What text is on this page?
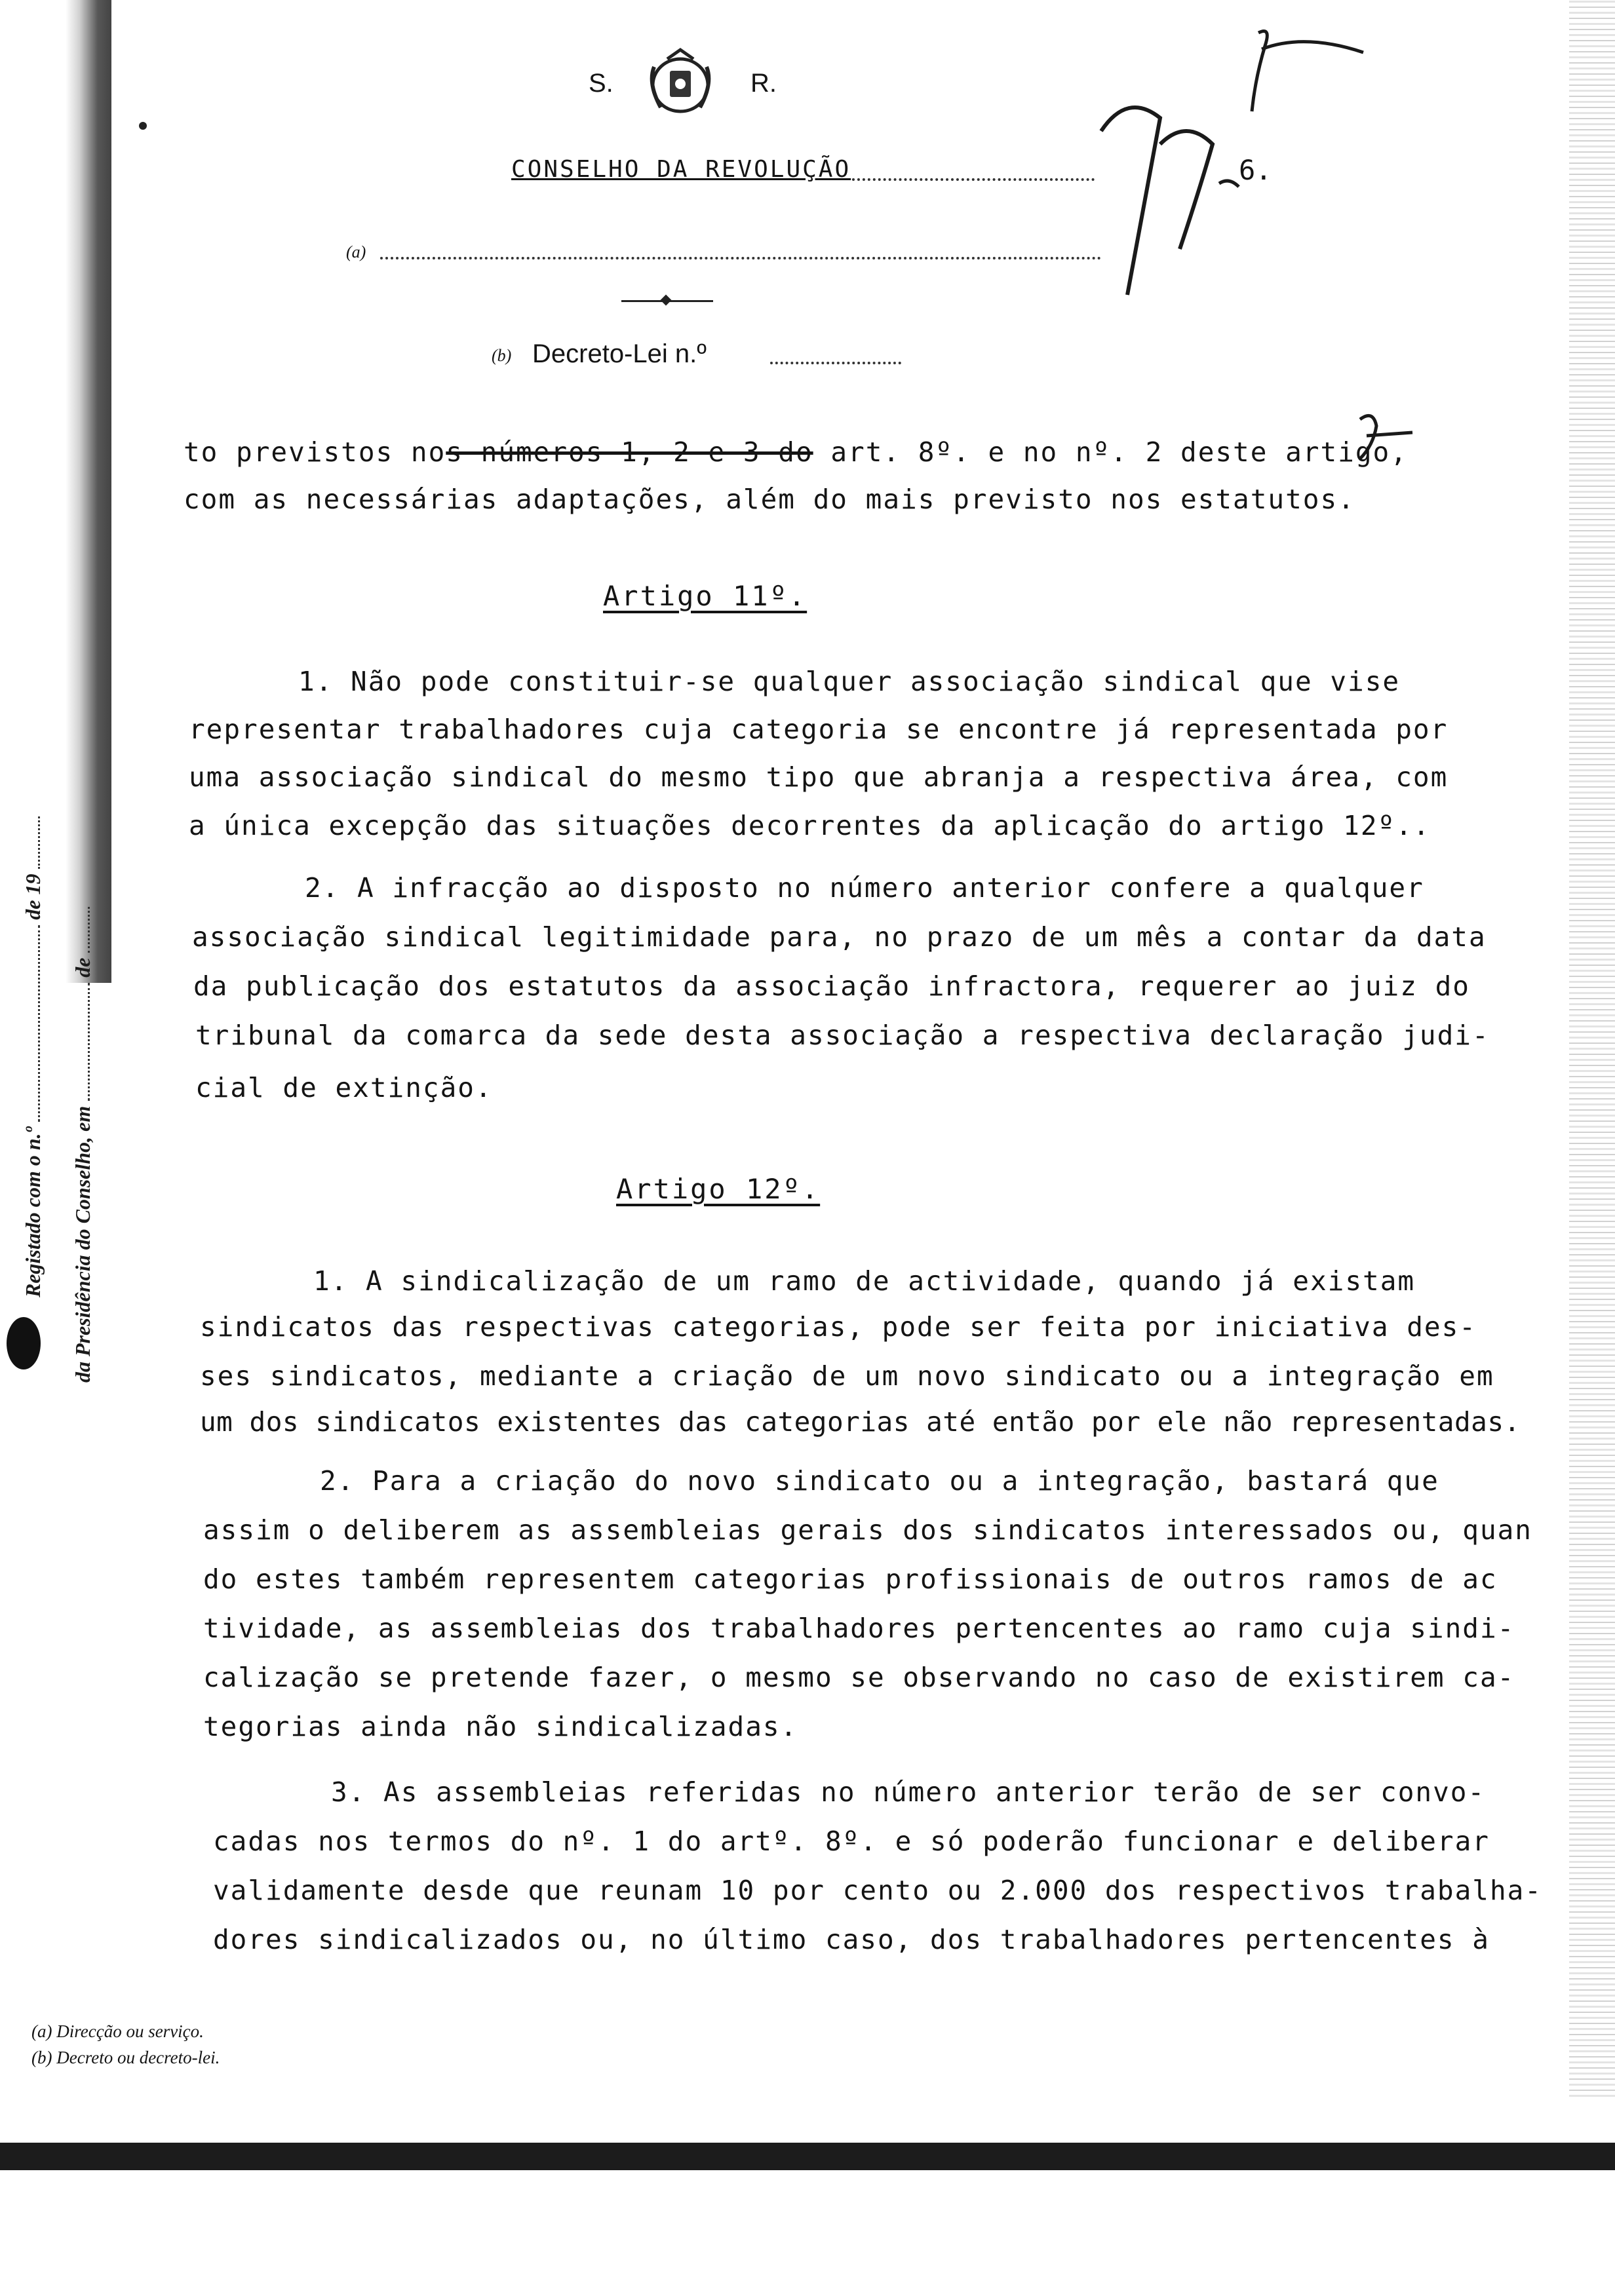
S.	R.
CONSELHO DA REVOLUÇÃO
(a)
(b) Decreto-Lei n.º
6.
to previstos nos números 1, 2 e 3 do art. 8º. e no nº. 2 deste artigo,
com as necessárias adaptações, além do mais previsto nos estatutos.
Artigo 11º.
1. Não pode constituir-se qualquer associação sindical que vise
representar trabalhadores cuja categoria se encontre já representada por
uma associação sindical do mesmo tipo que abranja a respectiva área, com
a única excepção das situações decorrentes da aplicação do artigo 12º..
2. A infracção ao disposto no número anterior confere a qualquer
associação sindical legitimidade para, no prazo de um mês a contar da data
da publicação dos estatutos da associação infractora, requerer ao juiz do
tribunal da comarca da sede desta associação a respectiva declaração judi-
cial de extinção.
Artigo 12º.
1. A sindicalização de um ramo de actividade, quando já existam
sindicatos das respectivas categorias, pode ser feita por iniciativa des-
ses sindicatos, mediante a criação de um novo sindicato ou a integração em
um dos sindicatos existentes das categorias até então por ele não representadas.
2. Para a criação do novo sindicato ou a integração, bastará que
assim o deliberem as assembleias gerais dos sindicatos interessados ou, quan
do estes também representem categorias profissionais de outros ramos de ac
tividade, as assembleias dos trabalhadores pertencentes ao ramo cuja sindi-
calização se pretende fazer, o mesmo se observando no caso de existirem ca-
tegorias ainda não sindicalizadas.
3. As assembleias referidas no número anterior terão de ser convo-
cadas nos termos do nº. 1 do artº. 8º. e só poderão funcionar e deliberar
validamente desde que reunam 10 por cento ou 2.000 dos respectivos trabalha-
dores sindicalizados ou, no último caso, dos trabalhadores pertencentes à
Registado com o n.º  de 19
da Presidência do Conselho, em  de
(a) Direcção ou serviço.
(b) Decreto ou decreto-lei.
